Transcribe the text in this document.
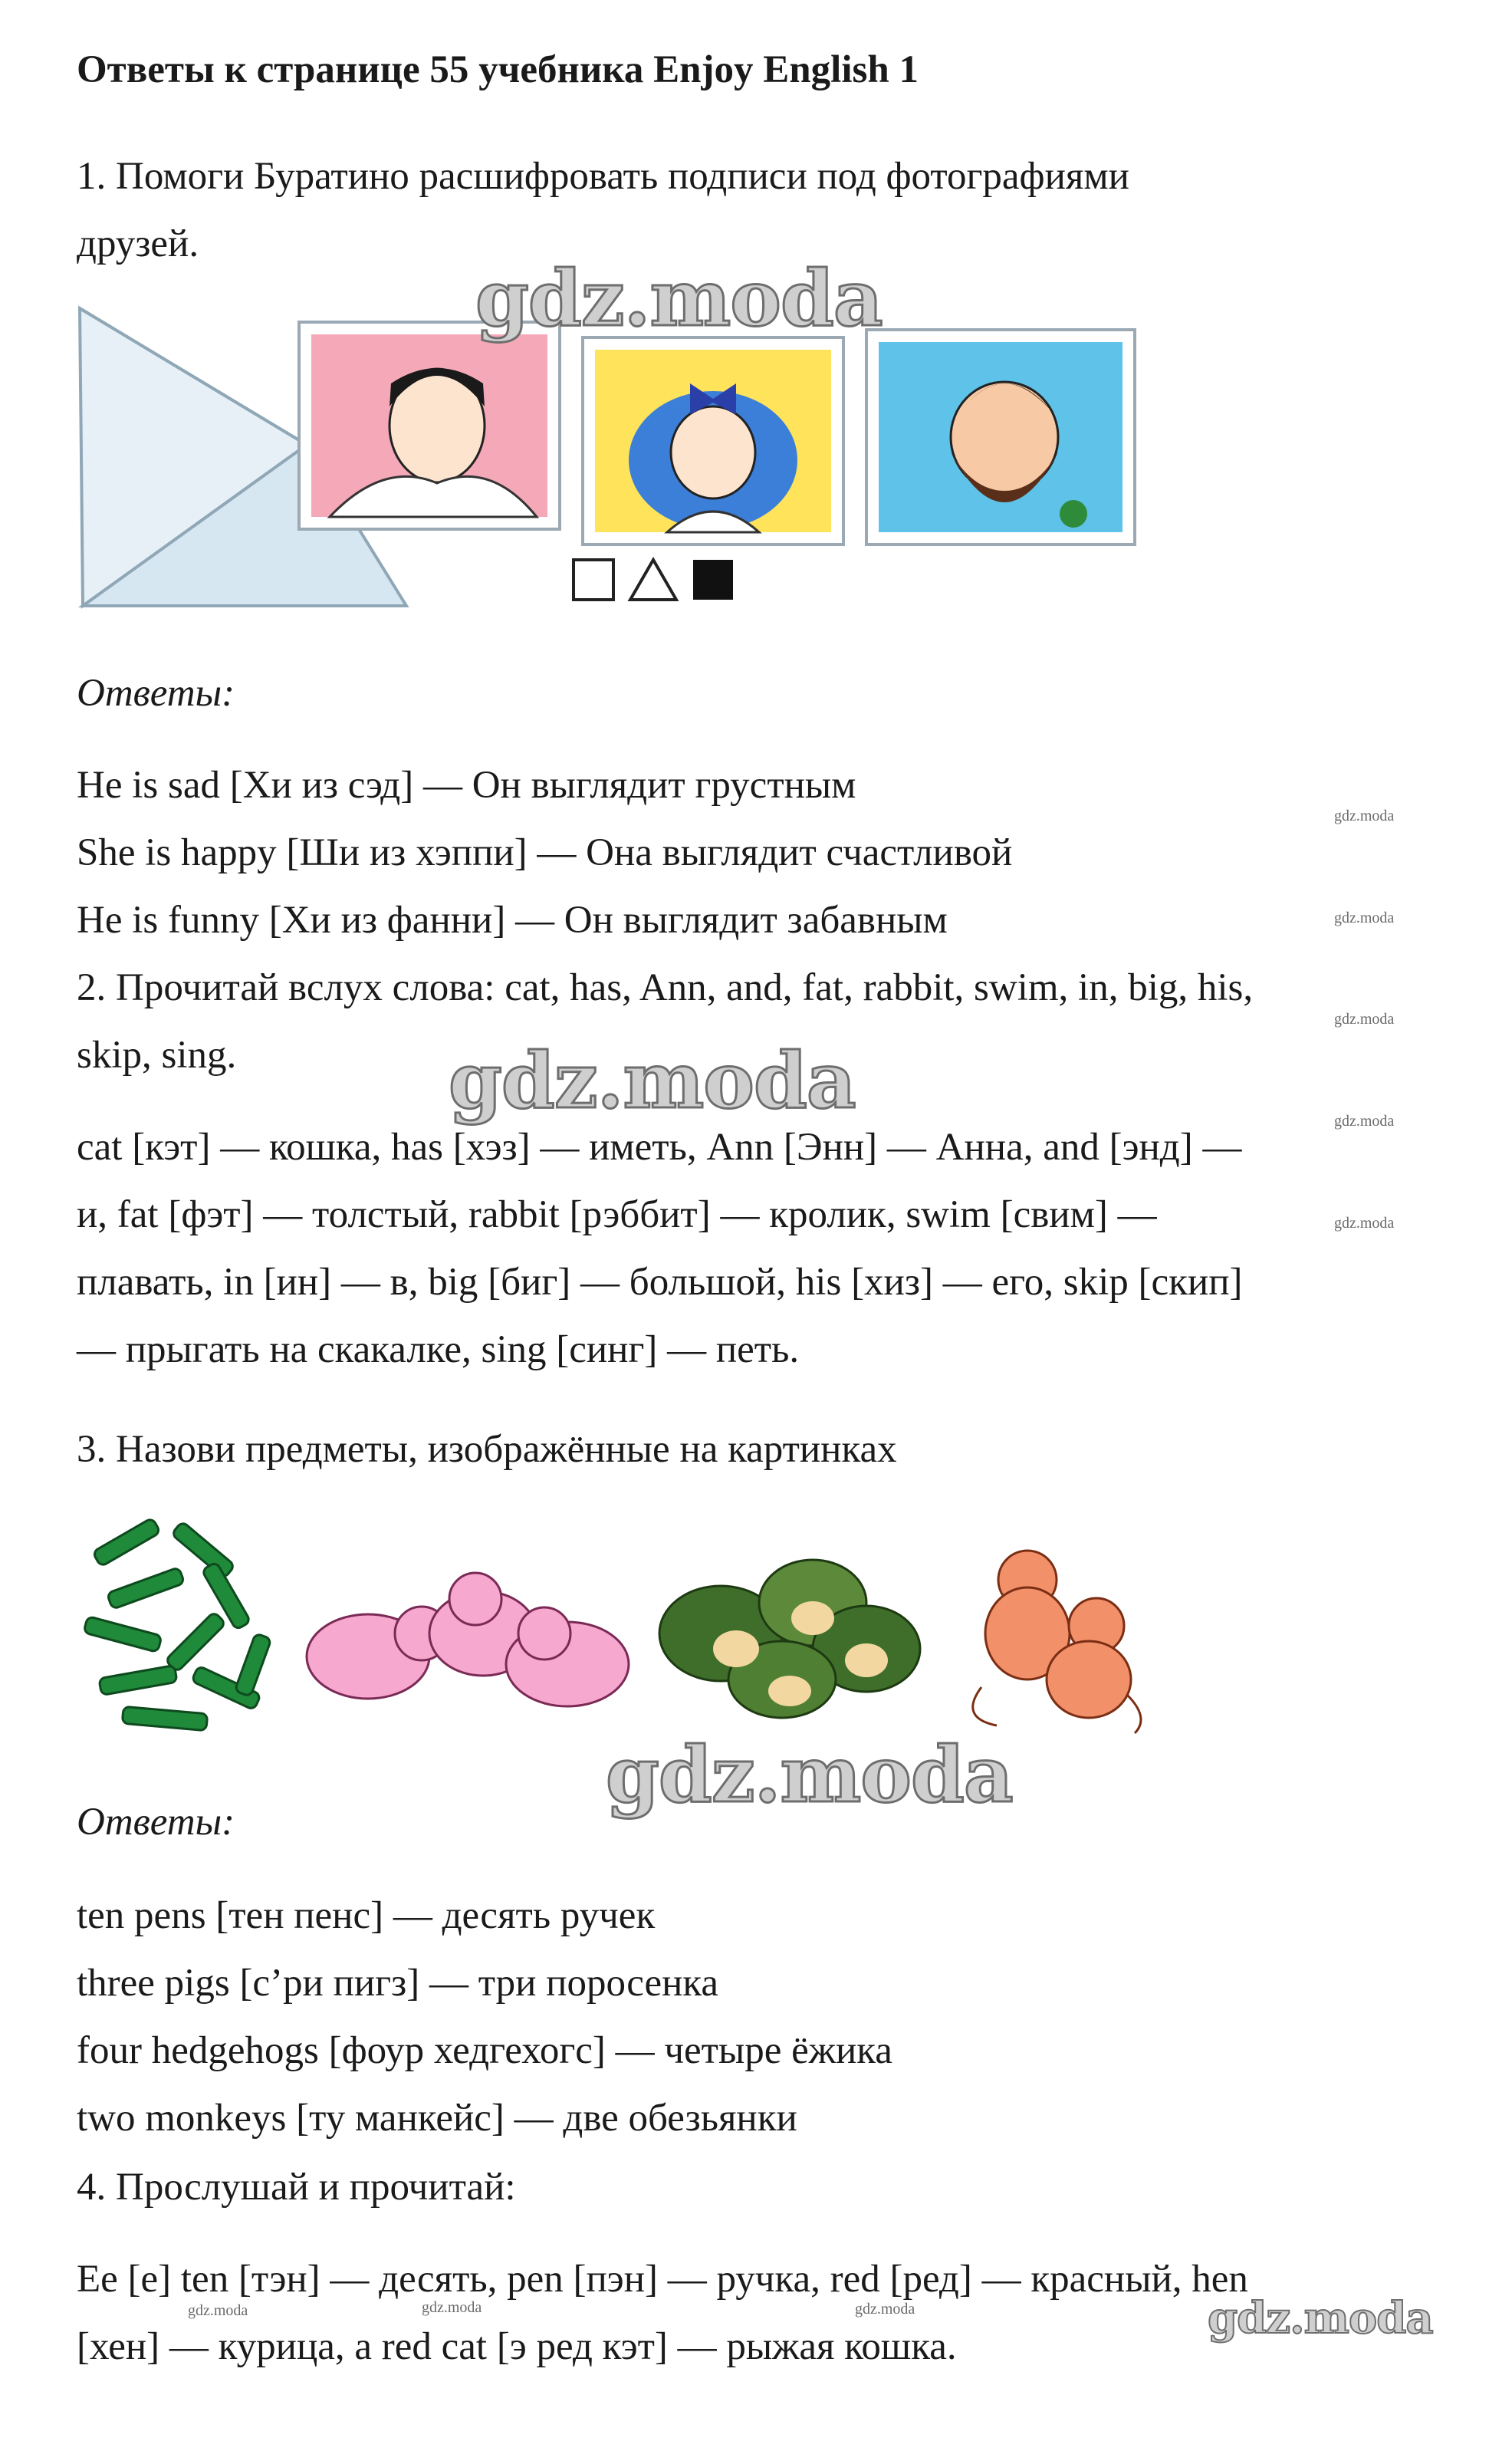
Ответы к странице 55 учебника Enjoy English 1
1. Помоги Буратино расшифровать подписи под фотографиями
друзей.
gdz.moda
Ответы:
He is sad [Хи из сэд] — Он выглядит грустным
She is happy [Ши из хэппи] — Она выглядит счастливой
He is funny [Хи из фанни] — Он выглядит забавным
gdz.moda
gdz.moda
gdz.moda
gdz.moda
gdz.moda
2. Прочитай вслух слова: cat, has, Ann, and, fat, rabbit, swim, in, big, his,
skip, sing.	gdz.moda
cat [кэт] — кошка, has [хэз] — иметь, Ann [Энн] — Анна, and [энд] —
и, fat [фэт] — толстый, rabbit [рэббит] — кролик, swim [свим] —
плавать, in [ин] — в, big [биг] — большой, his [хиз] — его, skip [скип]
— прыгать на скакалке, sing [синг] — петь.
3. Назови предметы, изображённые на картинках
gdz.moda
Ответы:
ten pens [тен пенс] — десять ручек
three pigs [с’ри пигз] — три поросенка
four hedgehogs [фоур хедгехогс] — четыре ёжика
two monkeys [ту манкейс] — две обезьянки
4. Прослушай и прочитай:
Ee [e] ten [тэн] — десять, pen [пэн] — ручка, red [ред] — красный, hen
[хен] — курица, a red cat [э ред кэт] — рыжая кошка.
gdz.moda	gdz.moda	gdz.moda	gdz.moda
